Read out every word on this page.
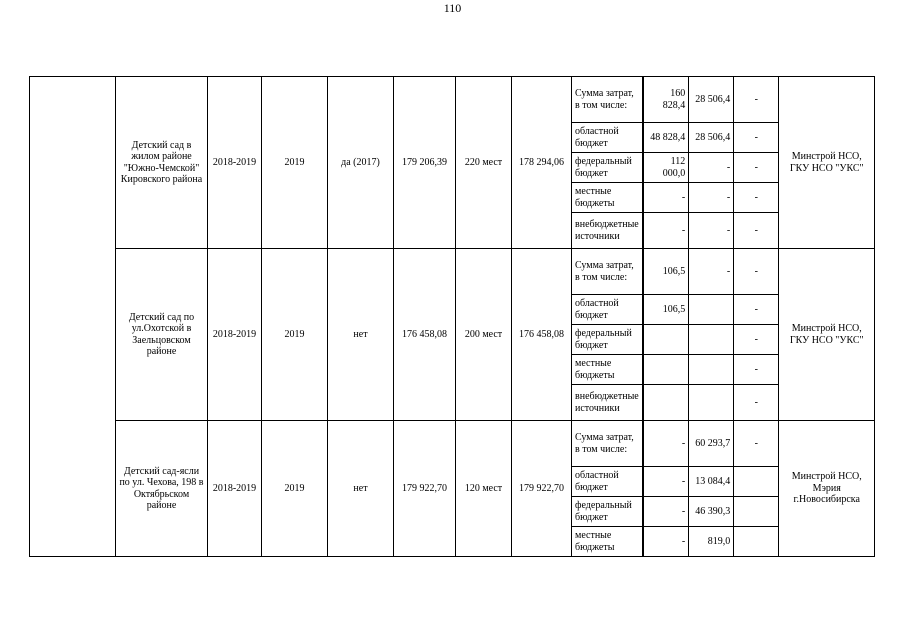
110
	Детский сад в жилом районе "Южно-Чемской" Кировского района	2018-2019	2019	да (2017)	179 206,39	220 мест	178 294,06	Сумма затрат, в том числе:	160 828,4	28 506,4	-	Минстрой НСО, ГКУ НСО "УКС"
								областной бюджет	48 828,4	28 506,4	-	
								федеральный бюджет	112 000,0	-	-	
								местные бюджеты	-	-	-	
								внебюджетные источники	-	-	-	
	Детский сад по ул.Охотской в Заельцовском районе	2018-2019	2019	нет	176 458,08	200 мест	176 458,08	Сумма затрат, в том числе:	106,5	-	-	Минстрой НСО, ГКУ НСО "УКС"
								областной бюджет	106,5		-	
								федеральный бюджет			-	
								местные бюджеты			-	
								внебюджетные источники			-	
	Детский сад-ясли по ул. Чехова, 198 в Октябрьском районе	2018-2019	2019	нет	179 922,70	120 мест	179 922,70	Сумма затрат, в том числе:	-	60 293,7	-	Минстрой НСО, Мэрия г.Новосибирска
								областной бюджет	-	13 084,4		
								федеральный бюджет	-	46 390,3		
								местные бюджеты	-	819,0		
